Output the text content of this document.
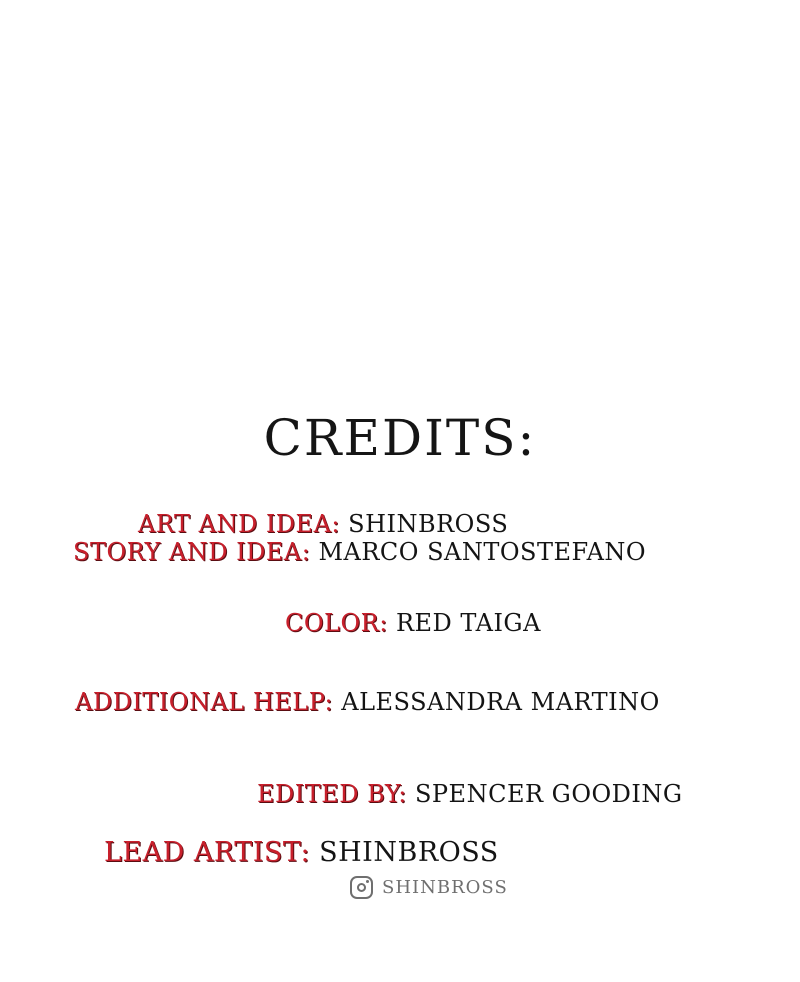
CREDITS:
ART AND IDEA: SHINBROSS
STORY AND IDEA: MARCO SANTOSTEFANO
COLOR: RED TAIGA
ADDITIONAL HELP: ALESSANDRA MARTINO
EDITED BY: SPENCER GOODING
LEAD ARTIST: SHINBROSS
SHINBROSS
